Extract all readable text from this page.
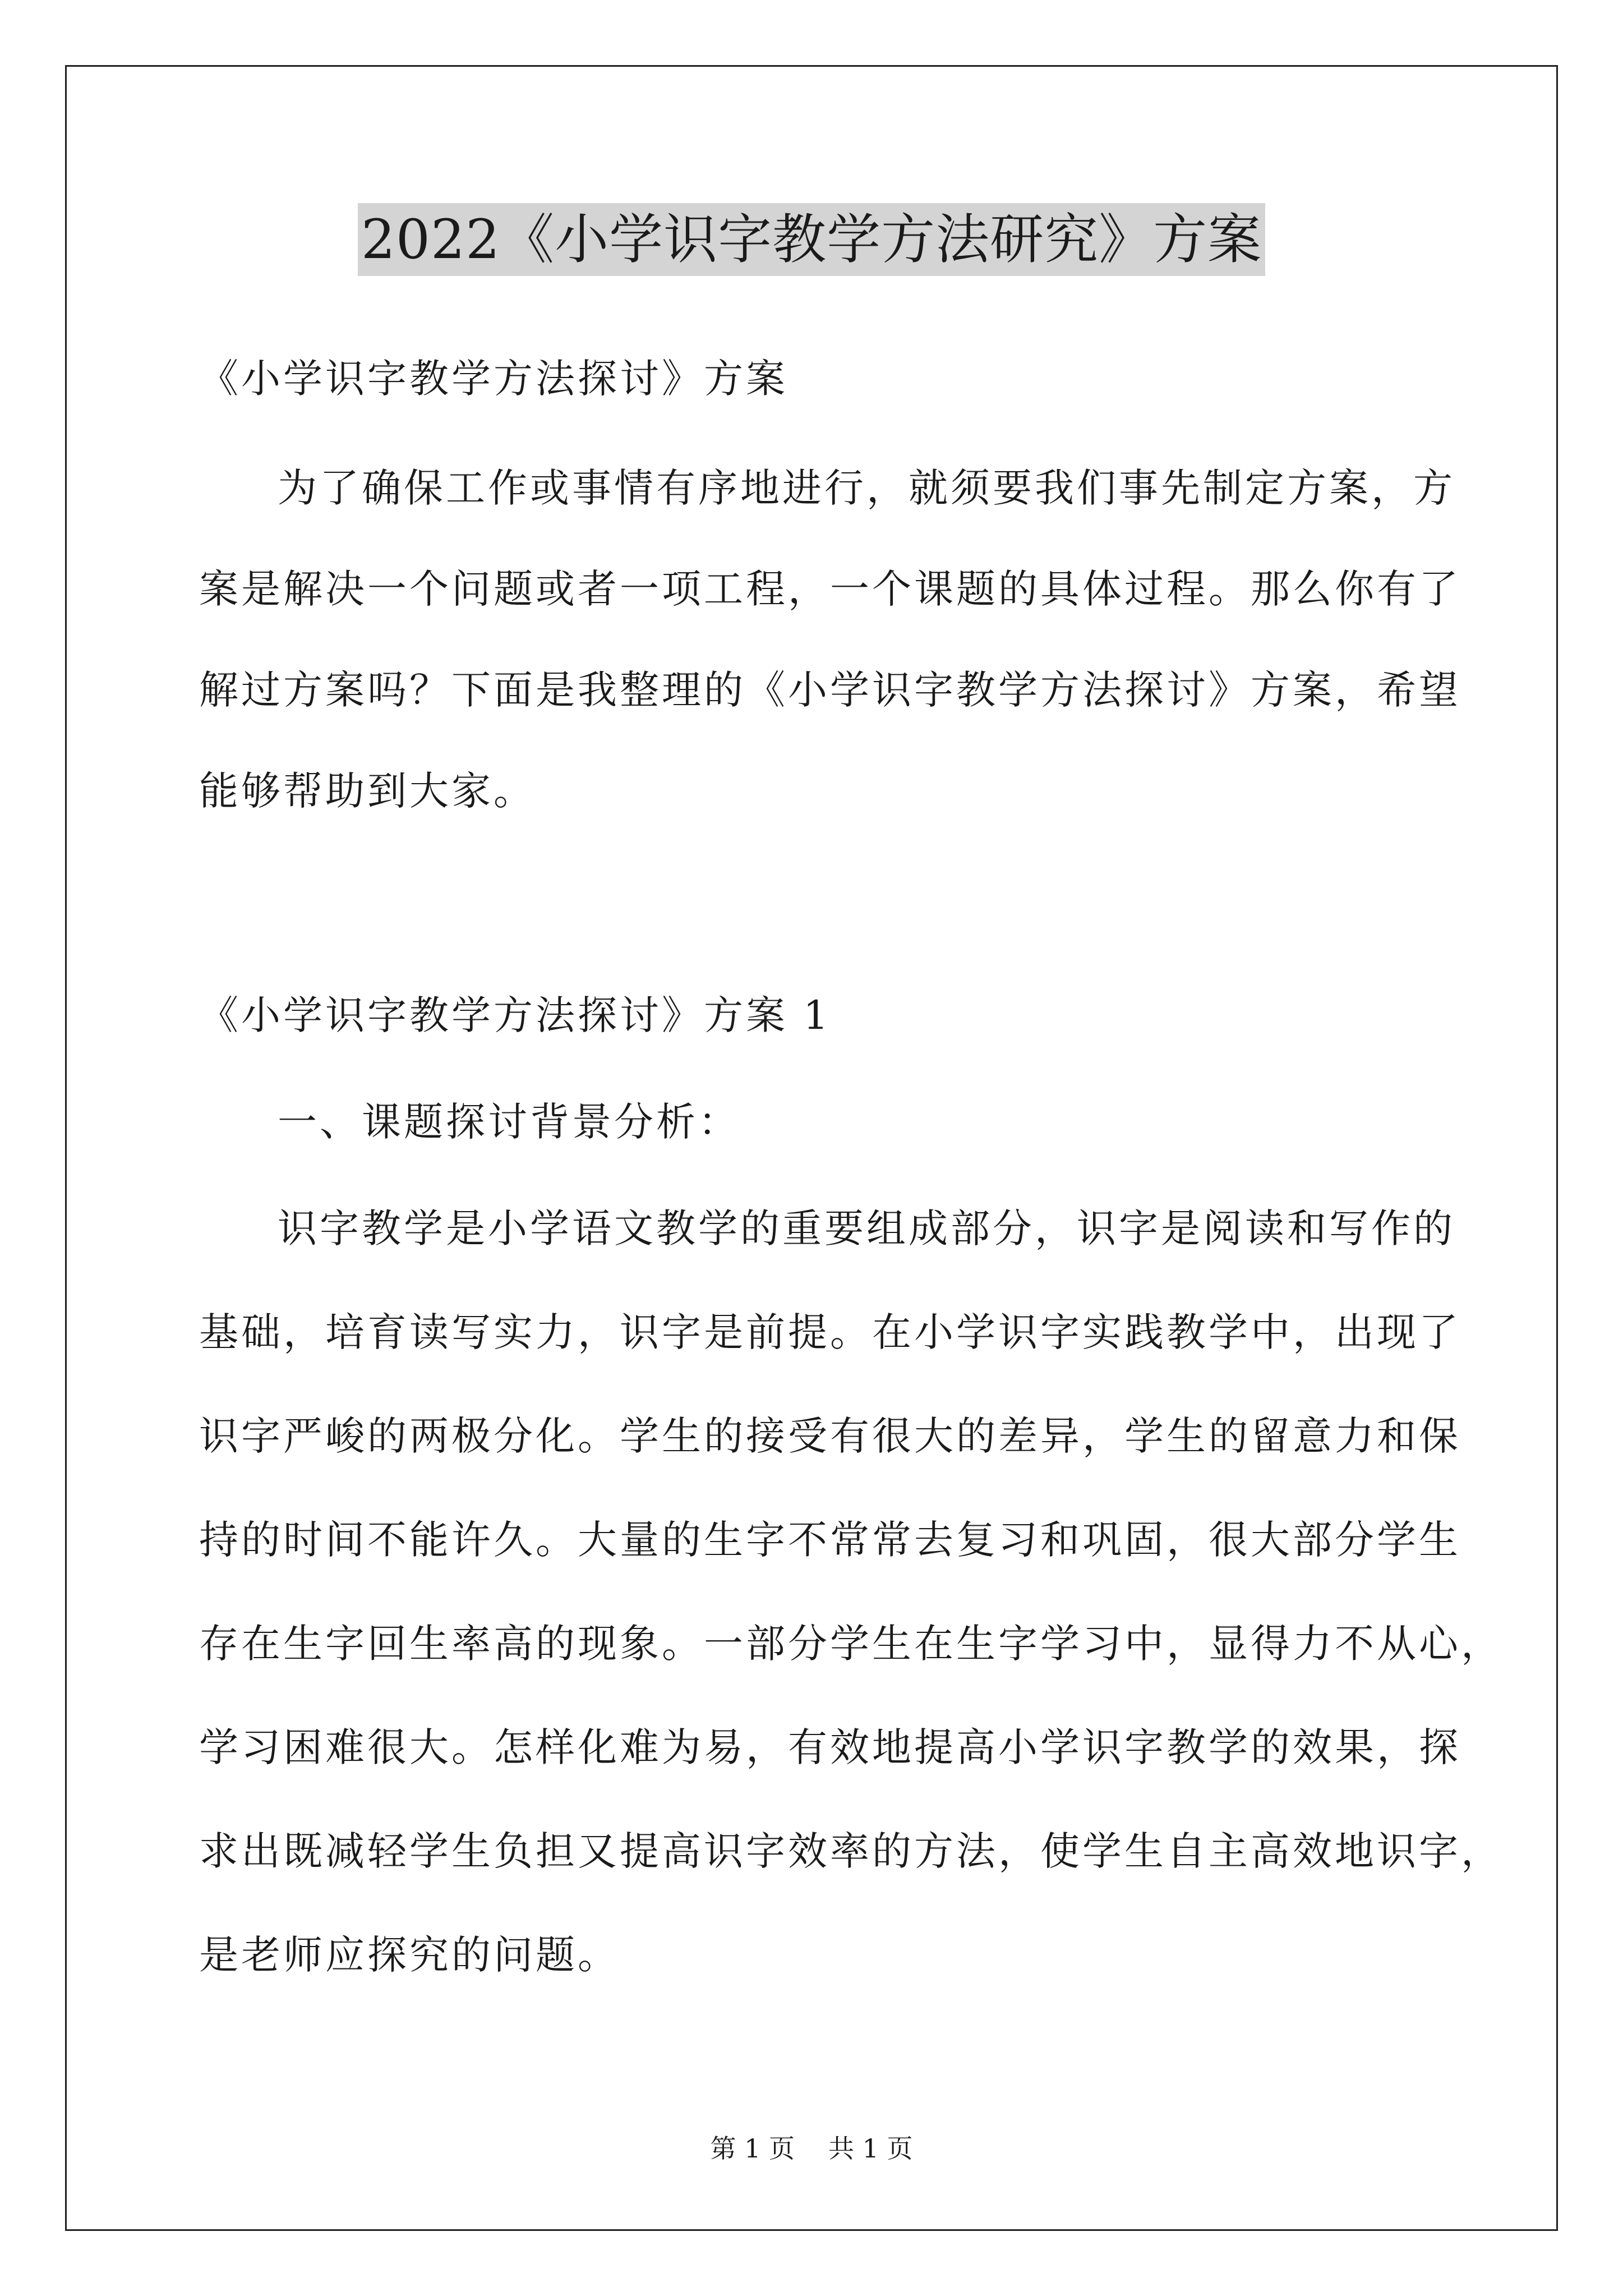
2022《小学识字教学方法研究》方案
《小学识字教学方法探讨》方案
为了确保工作或事情有序地进行，就须要我们事先制定方案，方
案是解决一个问题或者一项工程，一个课题的具体过程。那么你有了
解过方案吗？下面是我整理的《小学识字教学方法探讨》方案，希望
能够帮助到大家。
《小学识字教学方法探讨》方案 1
一、课题探讨背景分析：
识字教学是小学语文教学的重要组成部分，识字是阅读和写作的
基础，培育读写实力，识字是前提。在小学识字实践教学中，出现了
识字严峻的两极分化。学生的接受有很大的差异，学生的留意力和保
持的时间不能许久。大量的生字不常常去复习和巩固，很大部分学生
存在生字回生率高的现象。一部分学生在生字学习中，显得力不从心，
学习困难很大。怎样化难为易，有效地提高小学识字教学的效果，探
求出既减轻学生负担又提高识字效率的方法，使学生自主高效地识字，
是老师应探究的问题。
第 1 页 共 1 页
